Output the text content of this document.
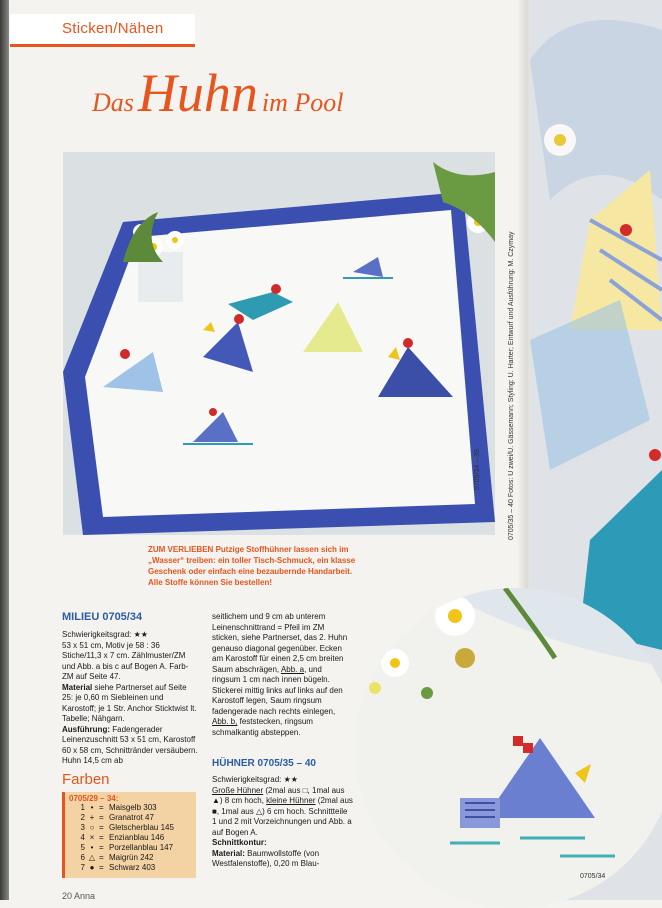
Sticken/Nähen
Das Huhn im Pool
0705/34 – 39	0705/35 – 40 Fotos: U zwei/U. Gässemann; Styling: U. Harter; Entwurf und Ausführung: M. Czymay
ZUM VERLIEBEN Putzige Stoffhühner lassen sich im „Wasser“ treiben: ein toller Tisch-Schmuck, ein klasse Geschenk oder einfach eine bezaubernde Handarbeit. Alle Stoffe können Sie bestellen!
MILIEU 0705/34
Schwierigkeitsgrad: ★★
53 x 51 cm, Motiv je 58 : 36 Stiche/11,3 x 7 cm. Zählmuster/ZM und Abb. a bis c auf Bogen A. Farb-ZM auf Seite 47.
Material siehe Partnerset auf Seite 25: je 0,60 m Siebleinen und Karostoff; je 1 Str. Anchor Sticktwist lt. Tabelle; Nähgarn.
Ausführung: Fadengerader Leinenzuschnitt 53 x 51 cm, Karostoff 60 x 58 cm, Schnittränder versäubern. Huhn 14,5 cm ab
seitlichem und 9 cm ab unterem Leinenschnittrand = Pfeil im ZM sticken, siehe Partnerset, das 2. Huhn genauso diagonal gegenüber. Ecken am Karostoff für einen 2,5 cm breiten Saum abschrägen, Abb. a, und ringsum 1 cm nach innen bügeln. Stickerei mittig links auf links auf den Karostoff legen, Saum ringsum fadengerade nach rechts einlegen, Abb. b, feststecken, ringsum schmalkantig absteppen.
HÜHNER 0705/35 – 40
Schwierigkeitsgrad: ★★
Große Hühner (2mal aus □, 1mal aus ▲) 8 cm hoch, kleine Hühner (2mal aus ■, 1mal aus △) 6 cm hoch. Schnittteile 1 und 2 mit Vorzeichnungen und Abb. a auf Bogen A.
Schnittkontur:
Material: Baumwollstoffe (von Westfalenstoffe), 0,20 m Blau-
Farben
0705/29 – 34:
1 • = Maisgelb 303
2 + = Granatrot 47
3 ○ = Gletscherblau 145
4 × = Enzianblau 146
5 • = Porzellanblau 147
6 △ = Maigrün 242
7 ● = Schwarz 403
0705/34
20 Anna
